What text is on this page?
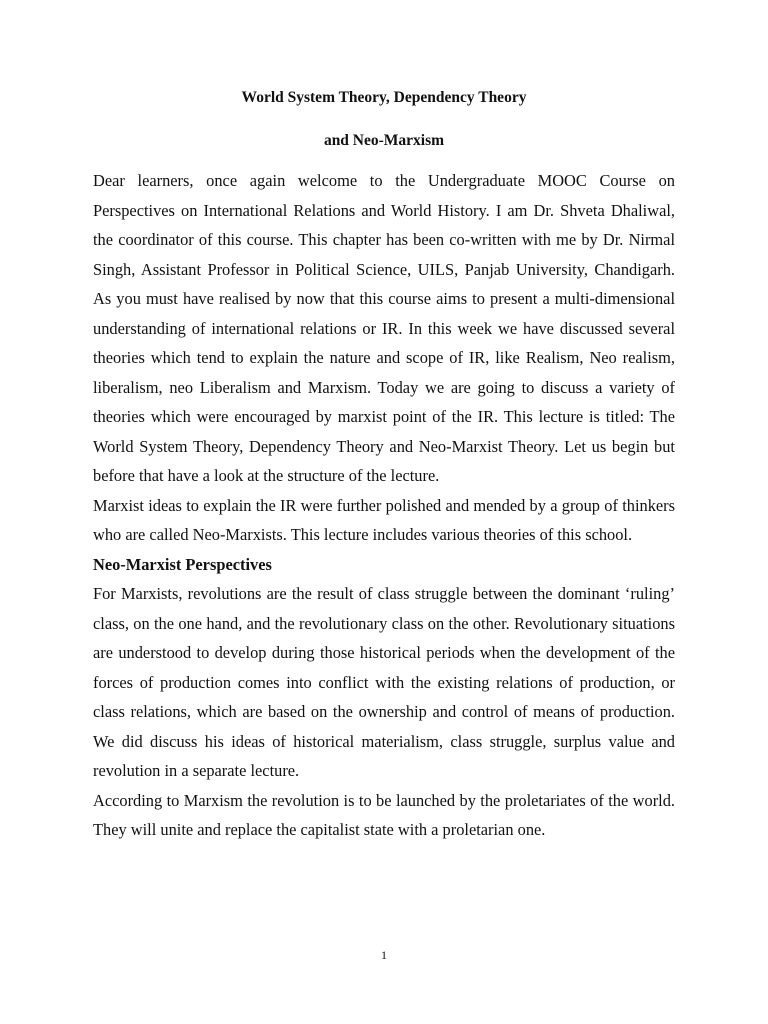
World System Theory, Dependency Theory
and Neo-Marxism

Dear learners, once again welcome to the Undergraduate MOOC Course on Perspectives on International Relations and World History. I am Dr. Shveta Dhaliwal, the coordinator of this course. This chapter has been co-written with me by Dr. Nirmal Singh, Assistant Professor in Political Science, UILS, Panjab University, Chandigarh. As you must have realised by now that this course aims to present a multi-dimensional understanding of international relations or IR. In this week we have discussed several theories which tend to explain the nature and scope of IR, like Realism, Neo realism, liberalism, neo Liberalism and Marxism. Today we are going to discuss a variety of theories which were encouraged by marxist point of the IR. This lecture is titled: The World System Theory, Dependency Theory and Neo-Marxist Theory. Let us begin but before that have a look at the structure of the lecture.

Marxist ideas to explain the IR were further polished and mended by a group of thinkers who are called Neo-Marxists. This lecture includes various theories of this school.

Neo-Marxist Perspectives

For Marxists, revolutions are the result of class struggle between the dominant ‘ruling’ class, on the one hand, and the revolutionary class on the other. Revolutionary situations are understood to develop during those historical periods when the development of the forces of production comes into conflict with the existing relations of production, or class relations, which are based on the ownership and control of means of production. We did discuss his ideas of historical materialism, class struggle, surplus value and revolution in a separate lecture.

According to Marxism the revolution is to be launched by the proletariates of the world. They will unite and replace the capitalist state with a proletarian one.

1
